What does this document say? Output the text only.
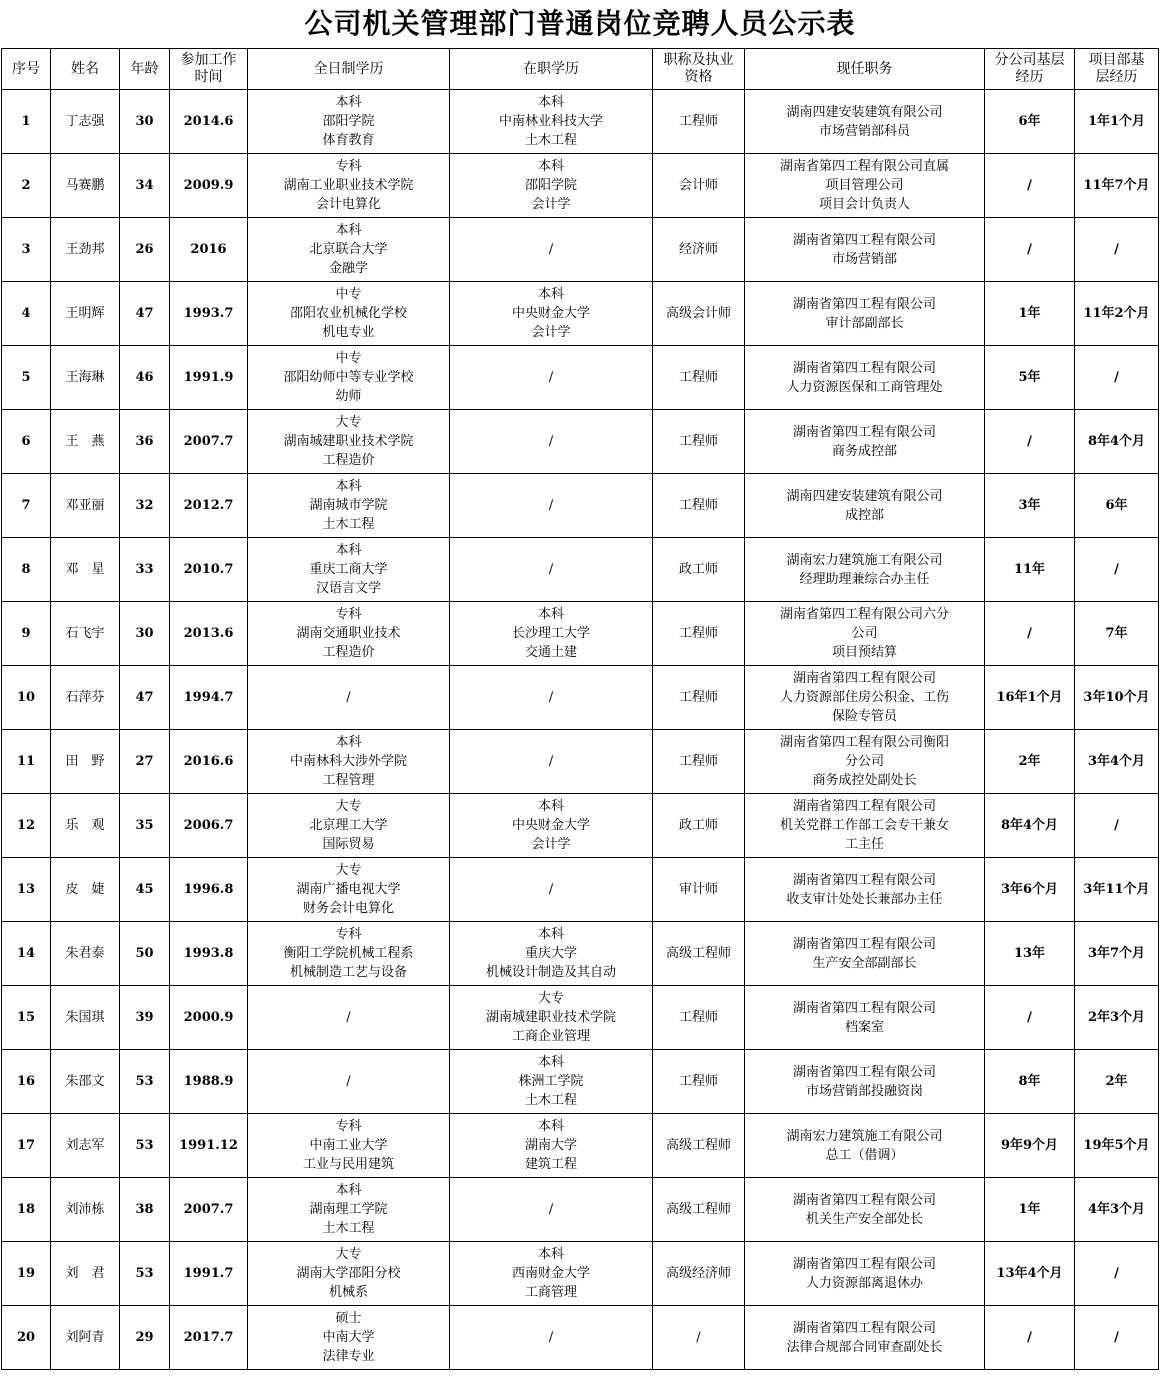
公司机关管理部门普通岗位竞聘人员公示表
序号	姓名	年龄	参加工作
时间	全日制学历	在职学历	职称及执业
资格	现任职务	分公司基层
经历	项目部基
层经历

1	丁志强	30	2014.6	本科
邵阳学院
体育教育	本科
中南林业科技大学
土木工程	工程师	湖南四建安装建筑有限公司
市场营销部科员	6年	1年1个月
2	马赛鹏	34	2009.9	专科
湖南工业职业技术学院
会计电算化	本科
邵阳学院
会计学	会计师	湖南省第四工程有限公司直属
项目管理公司
项目会计负责人	/	11年7个月
3	王劲邦	26	2016	本科
北京联合大学
金融学	/	经济师	湖南省第四工程有限公司
市场营销部	/	/
4	王明辉	47	1993.7	中专
邵阳农业机械化学校
机电专业	本科
中央财金大学
会计学	高级会计师	湖南省第四工程有限公司
审计部副部长	1年	11年2个月
5	王海琳	46	1991.9	中专
邵阳幼师中等专业学校
幼师	/	工程师	湖南省第四工程有限公司
人力资源医保和工商管理处	5年	/
6	王　燕	36	2007.7	大专
湖南城建职业技术学院
工程造价	/	工程师	湖南省第四工程有限公司
商务成控部	/	8年4个月
7	邓亚丽	32	2012.7	本科
湖南城市学院
土木工程	/	工程师	湖南四建安装建筑有限公司
成控部	3年	6年
8	邓　星	33	2010.7	本科
重庆工商大学
汉语言文学	/	政工师	湖南宏力建筑施工有限公司
经理助理兼综合办主任	11年	/
9	石飞宇	30	2013.6	专科
湖南交通职业技术
工程造价	本科
长沙理工大学
交通土建	工程师	湖南省第四工程有限公司六分
公司
项目预结算	/	7年
10	石萍芬	47	1994.7	/	/	工程师	湖南省第四工程有限公司
人力资源部住房公积金、工伤
保险专管员	16年1个月	3年10个月
11	田　野	27	2016.6	本科
中南林科大涉外学院
工程管理	/	工程师	湖南省第四工程有限公司衡阳
分公司
商务成控处副处长	2年	3年4个月
12	乐　观	35	2006.7	大专
北京理工大学
国际贸易	本科
中央财金大学
会计学	政工师	湖南省第四工程有限公司
机关党群工作部工会专干兼女
工主任	8年4个月	/
13	皮　婕	45	1996.8	大专
湖南广播电视大学
财务会计电算化	/	审计师	湖南省第四工程有限公司
收支审计处处长兼部办主任	3年6个月	3年11个月
14	朱君泰	50	1993.8	专科
衡阳工学院机械工程系
机械制造工艺与设备	本科
重庆大学
机械设计制造及其自动	高级工程师	湖南省第四工程有限公司
生产安全部副部长	13年	3年7个月
15	朱国琪	39	2000.9	/	大专
湖南城建职业技术学院
工商企业管理	工程师	湖南省第四工程有限公司
档案室	/	2年3个月
16	朱邵文	53	1988.9	/	本科
株洲工学院
土木工程	工程师	湖南省第四工程有限公司
市场营销部投融资岗	8年	2年
17	刘志军	53	1991.12	专科
中南工业大学
工业与民用建筑	本科
湖南大学
建筑工程	高级工程师	湖南宏力建筑施工有限公司
总工（借调）	9年9个月	19年5个月
18	刘沛栋	38	2007.7	本科
湖南理工学院
土木工程	/	高级工程师	湖南省第四工程有限公司
机关生产安全部处长	1年	4年3个月
19	刘　君	53	1991.7	大专
湖南大学邵阳分校
机械系	本科
西南财金大学
工商管理	高级经济师	湖南省第四工程有限公司
人力资源部离退休办	13年4个月	/
20	刘阿青	29	2017.7	硕士
中南大学
法律专业	/	/	湖南省第四工程有限公司
法律合规部合同审查副处长	/	/
